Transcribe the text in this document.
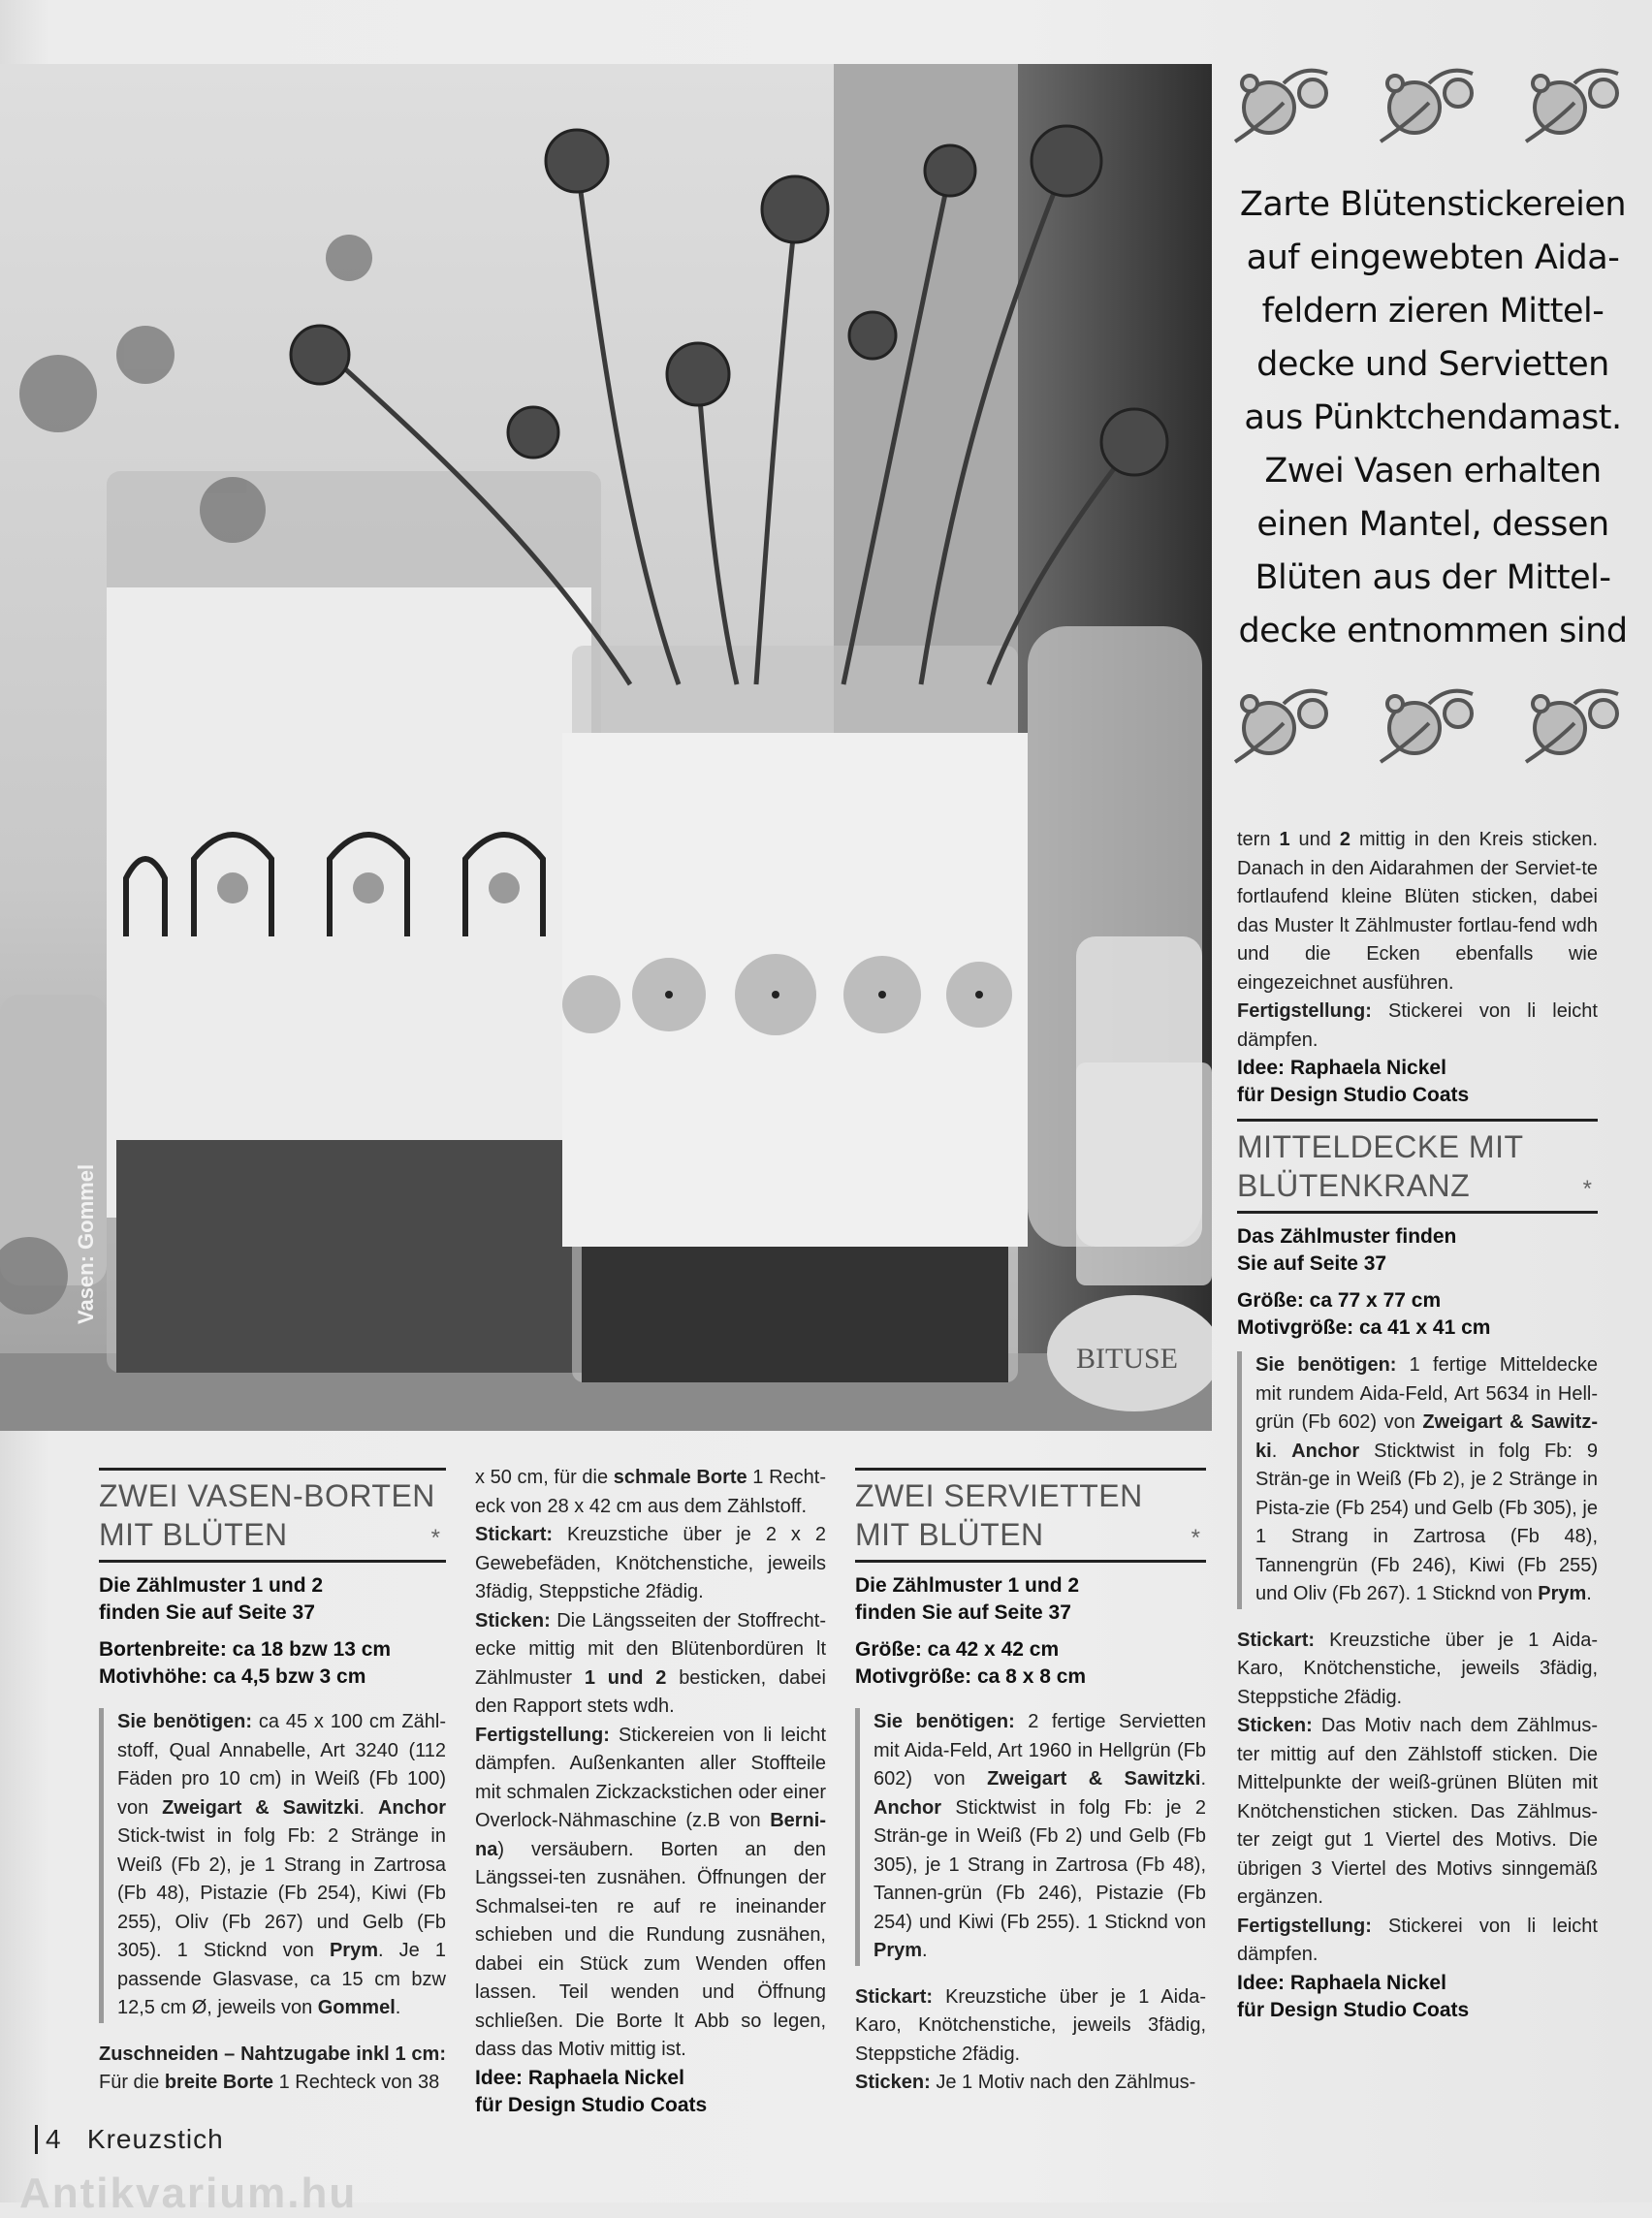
BITUSE
Vasen: Gommel
Zarte Blütenstickereien
auf eingewebten Aida-
feldern zieren Mittel-
decke und Servietten
aus Pünktchendamast.
Zwei Vasen erhalten
einen Mantel, dessen
Blüten aus der Mittel-
decke entnommen sind

tern 1 und 2 mittig in den Kreis sticken. Danach in den Aidarahmen der Serviet-te fortlaufend kleine Blüten sticken, dabei das Muster lt Zählmuster fortlau-fend wdh und die Ecken ebenfalls wie eingezeichnet ausführen.

Fertigstellung: Stickerei von li leicht dämpfen.

Idee: Raphaela Nickel
für Design Studio Coats
MITTELDECKE MIT
BLÜTENKRANZ	*
Das Zählmuster finden
Sie auf Seite 37
Größe: ca 77 x 77 cm
Motivgröße: ca 41 x 41 cm

Sie benötigen: 1 fertige Mitteldecke mit rundem Aida-Feld, Art 5634 in Hell-grün (Fb 602) von Zweigart & Sawitz-ki. Anchor Sticktwist in folg Fb: 9 Strän-ge in Weiß (Fb 2), je 2 Stränge in Pista-zie (Fb 254) und Gelb (Fb 305), je 1 Strang in Zartrosa (Fb 48), Tannengrün (Fb 246), Kiwi (Fb 255) und Oliv (Fb 267). 1 Sticknd von Prym.

Stickart: Kreuzstiche über je 1 Aida-Karo, Knötchenstiche, jeweils 3fädig, Steppstiche 2fädig.

Sticken: Das Motiv nach dem Zählmus-ter mittig auf den Zählstoff sticken. Die Mittelpunkte der weiß-grünen Blüten mit Knötchenstichen sticken. Das Zählmus-ter zeigt gut 1 Viertel des Motivs. Die übrigen 3 Viertel des Motivs sinngemäß ergänzen.

Fertigstellung: Stickerei von li leicht dämpfen.

Idee: Raphaela Nickel
für Design Studio Coats
ZWEI VASEN-BORTEN
MIT BLÜTEN	*
Die Zählmuster 1 und 2
finden Sie auf Seite 37
Bortenbreite: ca 18 bzw 13 cm
Motivhöhe: ca 4,5 bzw 3 cm

Sie benötigen: ca 45 x 100 cm Zähl-stoff, Qual Annabelle, Art 3240 (112 Fäden pro 10 cm) in Weiß (Fb 100) von Zweigart & Sawitzki. Anchor Stick-twist in folg Fb: 2 Stränge in Weiß (Fb 2), je 1 Strang in Zartrosa (Fb 48), Pistazie (Fb 254), Kiwi (Fb 255), Oliv (Fb 267) und Gelb (Fb 305). 1 Sticknd von Prym. Je 1 passende Glasvase, ca 15 cm bzw 12,5 cm Ø, jeweils von Gommel.

Zuschneiden – Nahtzugabe inkl 1 cm: Für die breite Borte 1 Rechteck von 38

x 50 cm, für die schmale Borte 1 Recht-eck von 28 x 42 cm aus dem Zählstoff.

Stickart: Kreuzstiche über je 2 x 2 Gewebefäden, Knötchenstiche, jeweils 3fädig, Steppstiche 2fädig.

Sticken: Die Längsseiten der Stoffrecht-ecke mittig mit den Blütenbordüren lt Zählmuster 1 und 2 besticken, dabei den Rapport stets wdh.

Fertigstellung: Stickereien von li leicht dämpfen. Außenkanten aller Stoffteile mit schmalen Zickzackstichen oder einer Overlock-Nähmaschine (z.B von Berni-na) versäubern. Borten an den Längssei-ten zusnähen. Öffnungen der Schmalsei-ten re auf re ineinander schieben und die Rundung zusnähen, dabei ein Stück zum Wenden offen lassen. Teil wenden und Öffnung schließen. Die Borte lt Abb so legen, dass das Motiv mittig ist.

Idee: Raphaela Nickel
für Design Studio Coats
ZWEI SERVIETTEN
MIT BLÜTEN	*
Die Zählmuster 1 und 2
finden Sie auf Seite 37
Größe: ca 42 x 42 cm
Motivgröße: ca 8 x 8 cm

Sie benötigen: 2 fertige Servietten mit Aida-Feld, Art 1960 in Hellgrün (Fb 602) von Zweigart & Sawitzki. Anchor Sticktwist in folg Fb: je 2 Strän-ge in Weiß (Fb 2) und Gelb (Fb 305), je 1 Strang in Zartrosa (Fb 48), Tannen-grün (Fb 246), Pistazie (Fb 254) und Kiwi (Fb 255). 1 Sticknd von Prym.

Stickart: Kreuzstiche über je 1 Aida-Karo, Knötchenstiche, jeweils 3fädig, Steppstiche 2fädig.

Sticken: Je 1 Motiv nach den Zählmus-

4 Kreuzstich
Antikvarium.hu
